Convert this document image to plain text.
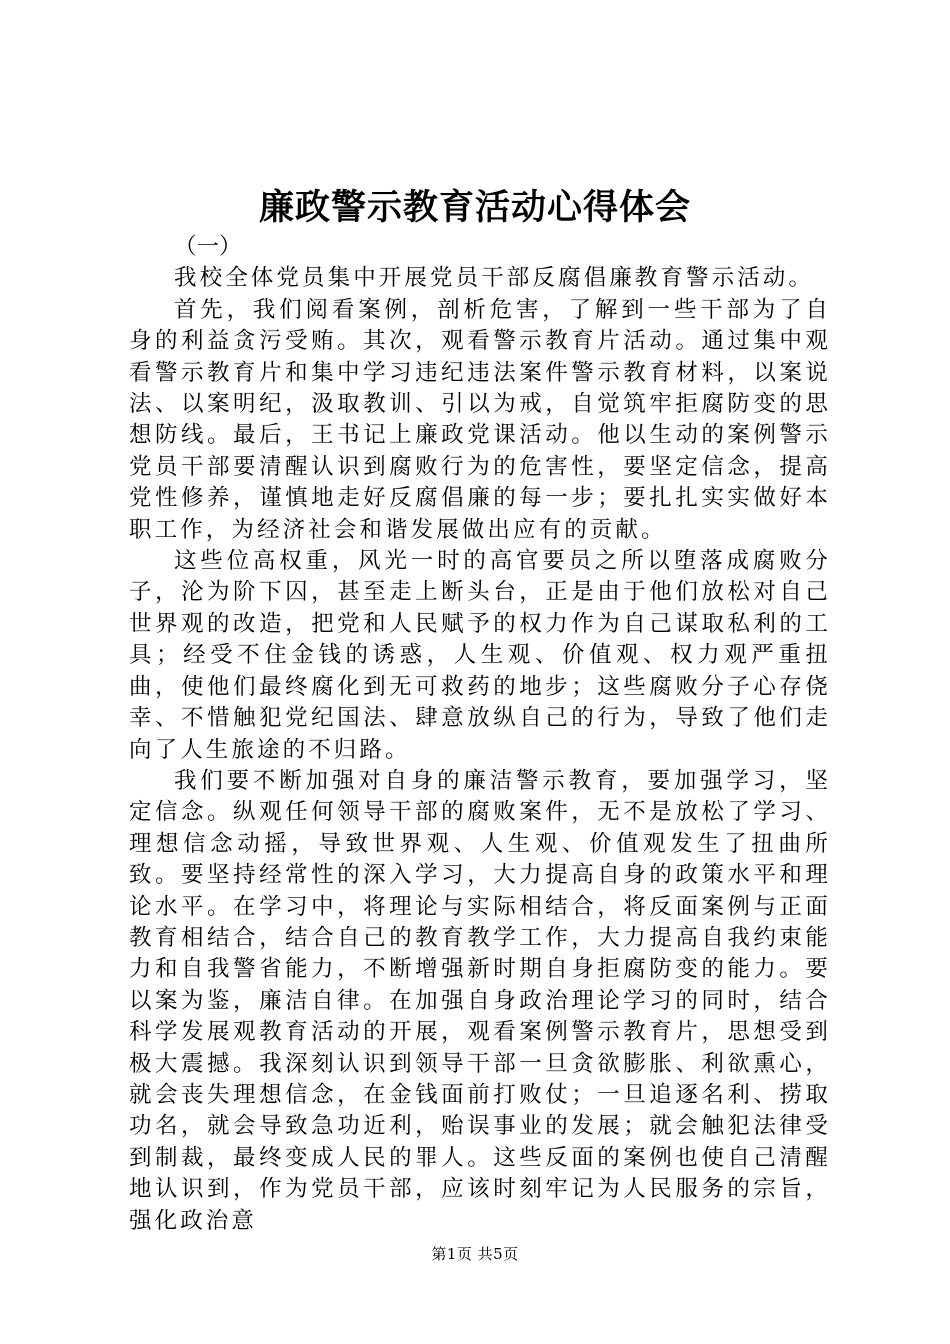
廉政警示教育活动心得体会

（一）

我校全体党员集中开展党员干部反腐倡廉教育警示活动。

首先，我们阅看案例，剖析危害，了解到一些干部为了自身的利益贪污受贿。其次，观看警示教育片活动。通过集中观看警示教育片和集中学习违纪违法案件警示教育材料，以案说法、以案明纪，汲取教训、引以为戒，自觉筑牢拒腐防变的思想防线。最后，王书记上廉政党课活动。他以生动的案例警示党员干部要清醒认识到腐败行为的危害性，要坚定信念，提高党性修养，谨慎地走好反腐倡廉的每一步；要扎扎实实做好本职工作，为经济社会和谐发展做出应有的贡献。

这些位高权重，风光一时的高官要员之所以堕落成腐败分子，沦为阶下囚，甚至走上断头台，正是由于他们放松对自己世界观的改造，把党和人民赋予的权力作为自己谋取私利的工具；经受不住金钱的诱惑，人生观、价值观、权力观严重扭曲，使他们最终腐化到无可救药的地步；这些腐败分子心存侥幸、不惜触犯党纪国法、肆意放纵自己的行为，导致了他们走向了人生旅途的不归路。

我们要不断加强对自身的廉洁警示教育，要加强学习，坚定信念。纵观任何领导干部的腐败案件，无不是放松了学习、理想信念动摇，导致世界观、人生观、价值观发生了扭曲所致。要坚持经常性的深入学习，大力提高自身的政策水平和理论水平。在学习中，将理论与实际相结合，将反面案例与正面教育相结合，结合自己的教育教学工作，大力提高自我约束能力和自我警省能力，不断增强新时期自身拒腐防变的能力。要以案为鉴，廉洁自律。在加强自身政治理论学习的同时，结合科学发展观教育活动的开展，观看案例警示教育片，思想受到极大震撼。我深刻认识到领导干部一旦贪欲膨胀、利欲熏心，就会丧失理想信念，在金钱面前打败仗；一旦追逐名利、捞取功名，就会导致急功近利，贻误事业的发展；就会触犯法律受到制裁，最终变成人民的罪人。这些反面的案例也使自己清醒地认识到，作为党员干部，应该时刻牢记为人民服务的宗旨，强化政治意

第1页 共5页
